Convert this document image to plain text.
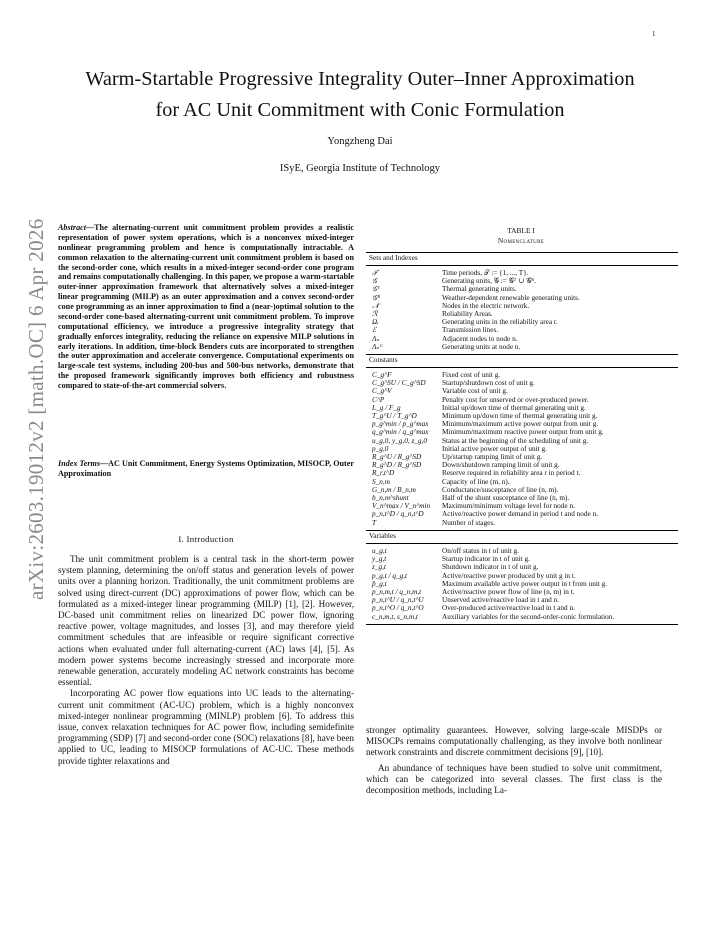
1
arXiv:2603.19012v2 [math.OC] 6 Apr 2026
Warm-Startable Progressive Integrality Outer–Inner Approximation
for AC Unit Commitment with Conic Formulation
Yongzheng Dai
ISyE, Georgia Institute of Technology
Abstract—The alternating-current unit commitment problem provides a realistic representation of power system operations, which is a nonconvex mixed-integer nonlinear programming problem and hence is computationally intractable. A common relaxation to the alternating-current unit commitment problem is based on the second-order cone, which results in a mixed-integer second-order cone program and remains computationally challenging. In this paper, we propose a warm-startable outer-inner approximation framework that alternatively solves a mixed-integer linear programming (MILP) as an outer approximation and a convex second-order cone programming as an inner approximation to find a (near-)optimal solution to the second-order cone-based alternating-current unit commitment problem. To improve computational efficiency, we introduce a progressive integrality strategy that gradually enforces integrality, reducing the reliance on expensive MILP solutions in early iterations. In addition, time-block Benders cuts are incorporated to strengthen the outer approximation and accelerate convergence. Computational experiments on large-scale test systems, including 200-bus and 500-bus networks, demonstrate that the proposed framework significantly improves both efficiency and robustness compared to state-of-the-art commercial solvers.
Index Terms—AC Unit Commitment, Energy Systems Optimization, MISOCP, Outer Approximation
I. Introduction

The unit commitment problem is a central task in the short-term power system planning, determining the on/off status and generation levels of power units over a planning horizon. Traditionally, the unit commitment problems are solved using direct-current (DC) approximations of power flow, which can be formulated as a mixed-integer linear programming (MILP) [1], [2]. However, DC-based unit commitment relies on linearized DC power flow, ignoring reactive power, voltage magnitudes, and losses [3], and may therefore yield commitment schedules that are infeasible or require significant corrective actions when evaluated under full alternating-current (AC) laws [4], [5]. As modern power systems become increasingly stressed and incorporate more renewable generation, accurately modeling AC network constraints has become essential.

Incorporating AC power flow equations into UC leads to the alternating-current unit commitment (AC-UC) problem, which is a highly nonconvex mixed-integer nonlinear programming (MINLP) problem [6]. To address this issue, convex relaxation techniques for AC power flow, including semidefinite programming (SDP) [7] and second-order cone (SOC) relaxations [8], have been applied to UC, leading to MISOCP formulations of AC-UC. These methods provide tighter relaxations and

stronger optimality guarantees. However, solving large-scale MISDPs or MISOCPs remains computationally challenging, as they involve both nonlinear network constraints and discrete commitment decisions [9], [10].

An abundance of techniques have been studied to solve unit commitment, which can be categorized into several classes. The first class is the decomposition methods, including La-

TABLE I
Nomenclature
Sets and Indexes
𝒯	Time periods, 𝒯 := {1, ..., T}.
𝒢	Generating units, 𝒢 := 𝒢ᵀ ∪ 𝒢ᴿ.
𝒢ᵀ	Thermal generating units.
𝒢ᴿ	Weather-dependent renewable generating units.
𝒩	Nodes in the electric network.
ℛ	Reliability Areas.
Ωᵣ	Generating units in the reliability area r.
ℰ	Transmission lines.
Λₙ	Adjacent nodes to node n.
Λₙᴳ	Generating units at node n.
Constants
C_g^F	Fixed cost of unit g.
C_g^SU / C_g^SD	Startup/shutdown cost of unit g.
C_g^V	Variable cost of unit g.
C^P	Penalty cost for unserved or over-produced power.
L_g / F_g	Initial up/down time of thermal generating unit g.
T_g^U / T_g^D	Minimum up/down time of thermal generating unit g.
p_g^min / p_g^max	Minimum/maximum active power output from unit g.
q_g^min / q_g^max	Minimum/maximum reactive power output from unit g.
u_g,0, y_g,0, z_g,0	Status at the beginning of the scheduling of unit g.
p_g,0	Initial active power output of unit g.
R_g^U / R_g^SD	Up/startup ramping limit of unit g.
R_g^D / R_g^SD	Down/shutdown ramping limit of unit g.
R_r,t^D	Reserve required in reliability area r in period t.
S_n,m	Capacity of line (m, n).
G_n,m / B_n,m	Conductance/susceptance of line (n, m).
b_n,m^shunt	Half of the shunt susceptance of line (n, m).
V_n^max / V_n^min	Maximum/minimum voltage level for node n.
p_n,t^D / q_n,t^D	Active/reactive power demand in period t and node n.
T	Number of stages.
Variables
u_g,t	On/off status in t of unit g.
y_g,t	Startup indicator in t of unit g.
z_g,t	Shutdown indicator in t of unit g.
p_g,t / q_g,t	Active/reactive power produced by unit g in t.
p̄_g,t	Maximum available active power output in t from unit g.
p_n,m,t / q_n,m,t	Active/reactive power flow of line (n, m) in t.
p_n,t^U / q_n,t^U	Unserved active/reactive load in t and n.
p_n,t^O / q_n,t^O	Over-produced active/reactive load in t and n.
c_n,m,t, s_n,m,t	Auxiliary variables for the second-order-conic formulation.
